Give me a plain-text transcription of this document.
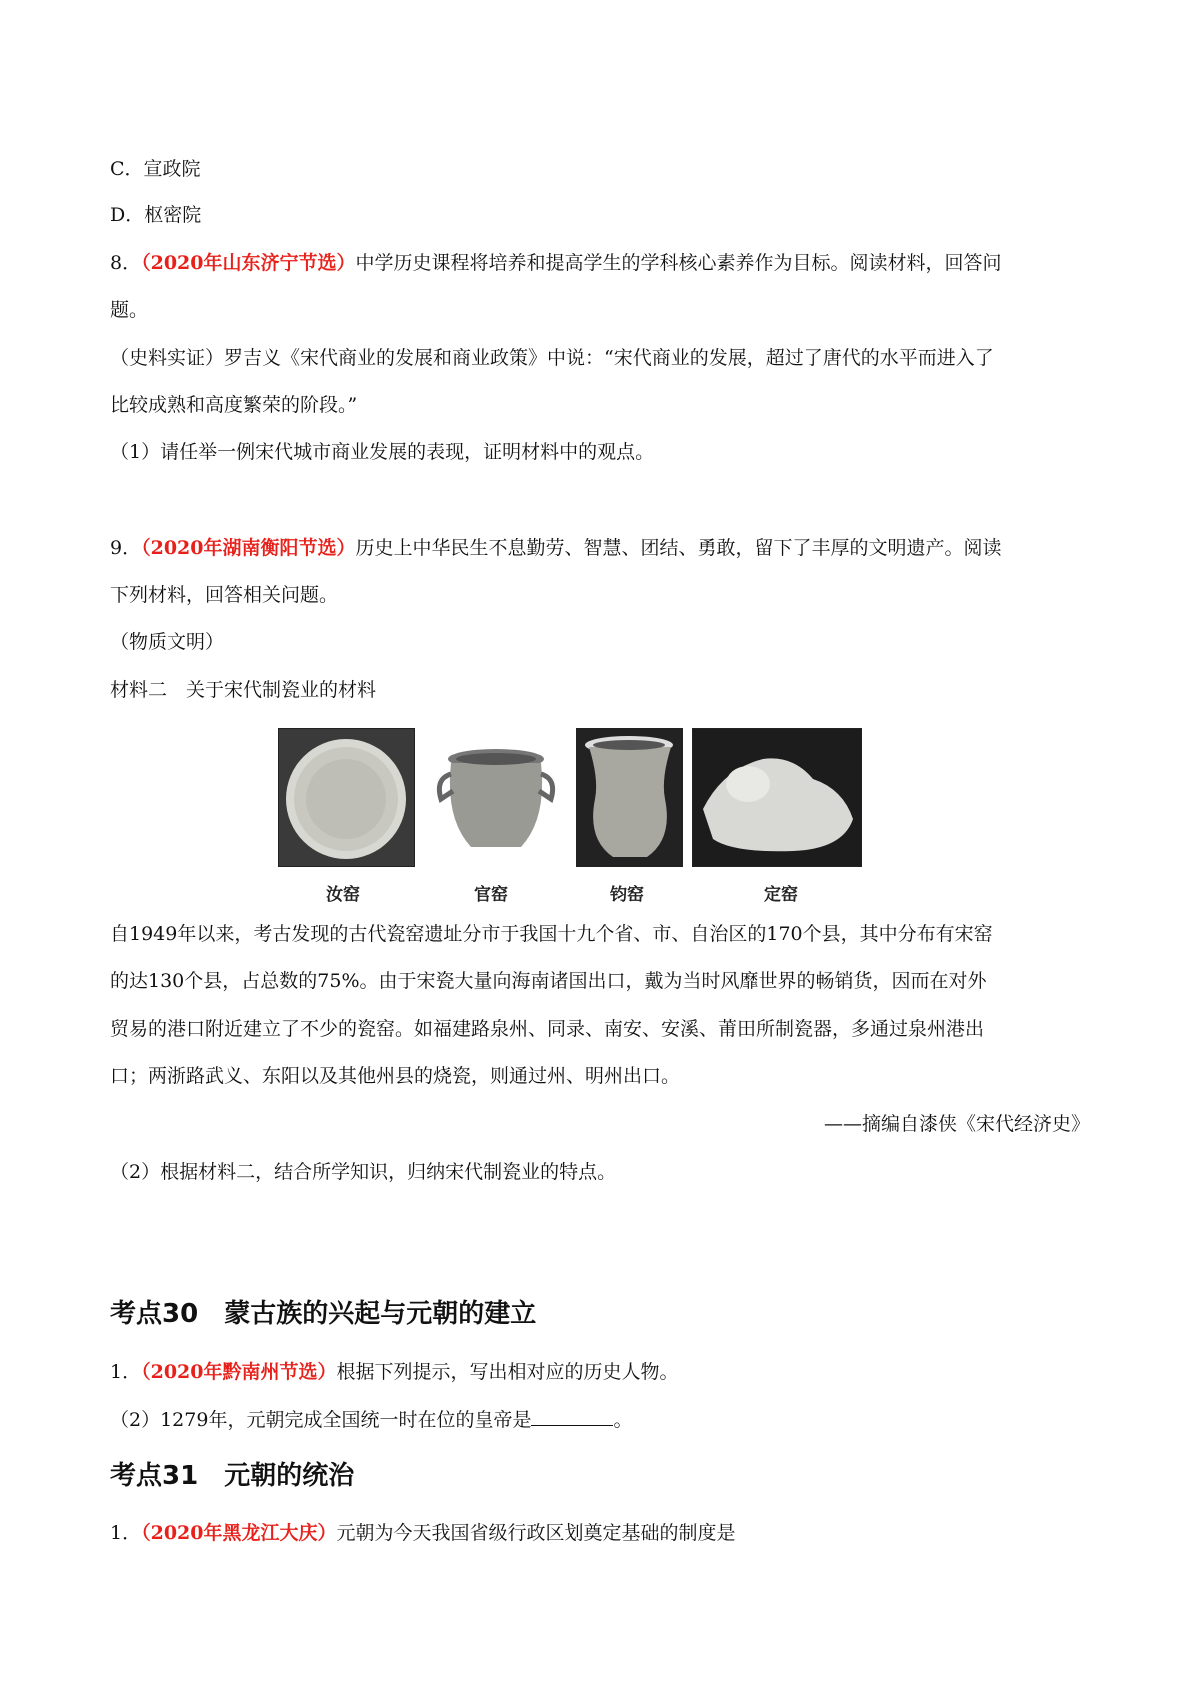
C．宣政院
D．枢密院
8．（2020年山东济宁节选）中学历史课程将培养和提高学生的学科核心素养作为目标。阅读材料，回答问
题。
（史料实证）罗吉义《宋代商业的发展和商业政策》中说：“宋代商业的发展，超过了唐代的水平而进入了
比较成熟和高度繁荣的阶段。”
（1）请任举一例宋代城市商业发展的表现，证明材料中的观点。
9．（2020年湖南衡阳节选）历史上中华民生不息勤劳、智慧、团结、勇敢，留下了丰厚的文明遗产。阅读
下列材料，回答相关问题。
（物质文明）
材料二　关于宋代制瓷业的材料
汝窑	官窑	钧窑	定窑
自1949年以来，考古发现的古代瓷窑遗址分市于我国十九个省、市、自治区的170个县，其中分布有宋窑
的达130个县，占总数的75%。由于宋瓷大量向海南诸国出口，戴为当时风靡世界的畅销货，因而在对外
贸易的港口附近建立了不少的瓷窑。如福建路泉州、同录、南安、安溪、莆田所制瓷器，多通过泉州港出
口；两浙路武义、东阳以及其他州县的烧瓷，则通过州、明州出口。
——摘编自漆侠《宋代经济史》
（2）根据材料二，结合所学知识，归纳宋代制瓷业的特点。
考点30 蒙古族的兴起与元朝的建立
1．（2020年黔南州节选）根据下列提示，写出相对应的历史人物。
（2）1279年，元朝完成全国统一时在位的皇帝是	。
考点31 元朝的统治
1．（2020年黑龙江大庆）元朝为今天我国省级行政区划奠定基础的制度是
